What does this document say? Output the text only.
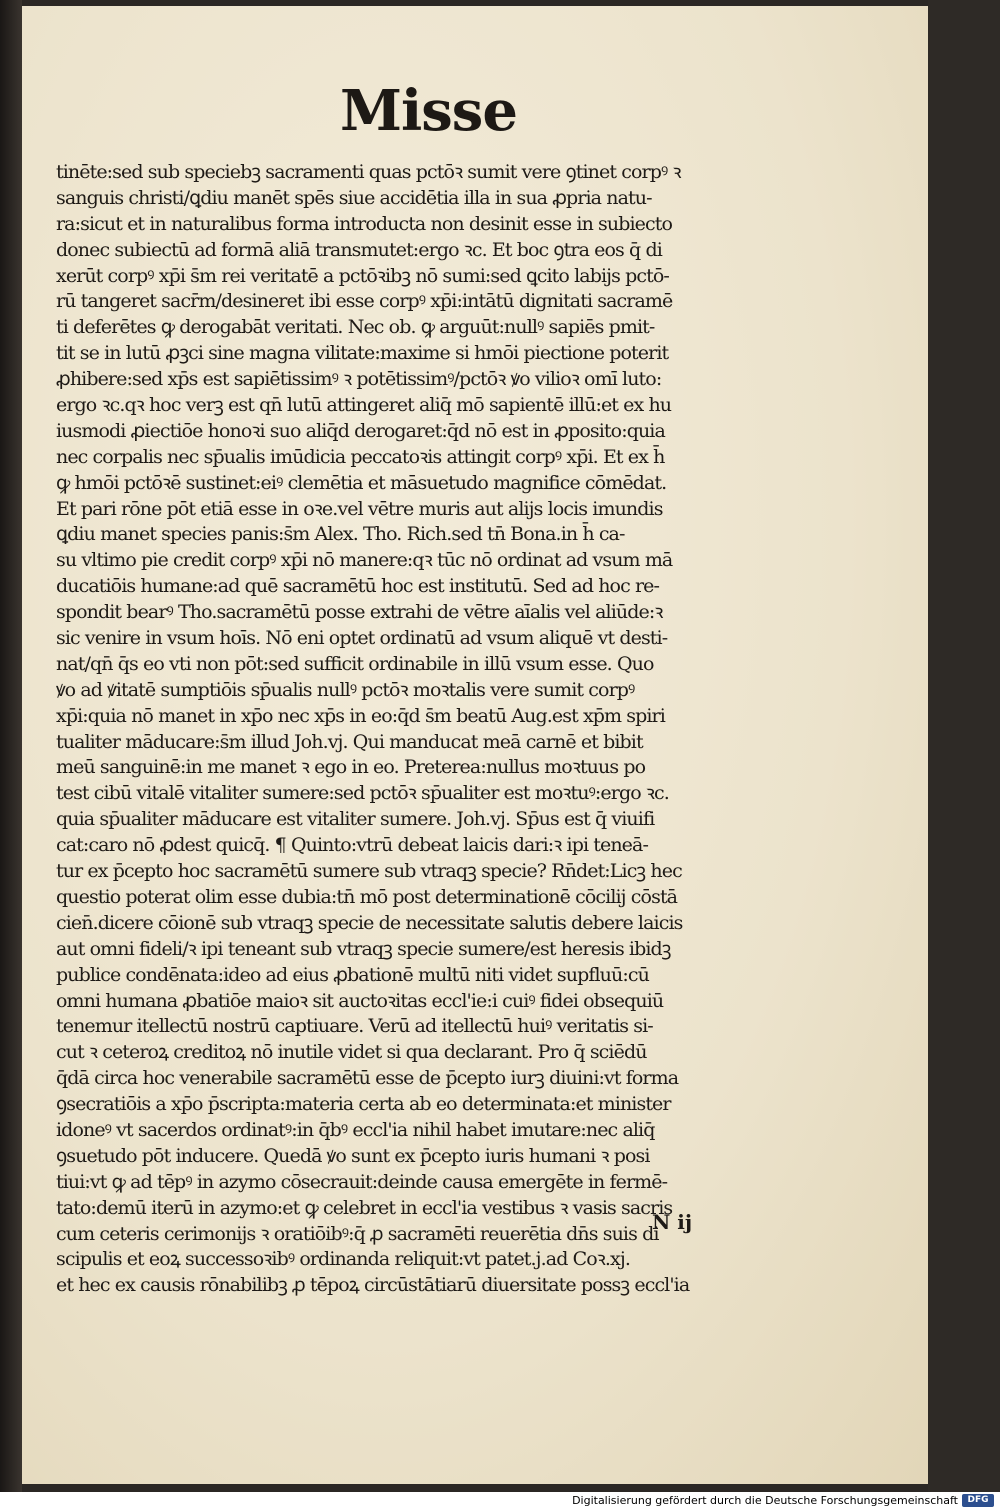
Misse
tinēte:sed sub speciebꝫ sacramenti quas pctōꝛ sumit vere ꝯtinet corpꝰ ꝛ
sanguis christi/ꝗdiu manēt spēs siue accidētia illa in sua ꝓpria natu-
ra:sicut et in naturalibus forma introducta non desinit esse in subiecto
donec subiectū ad formā aliā transmutet:ergo ꝛc. Et boc ꝯtra eos q̄ di
xerūt corpꝰ xp̄i s̄m rei veritatē a pctōꝛibꝫ nō sumi:sed ꝗcito labijs pctō-
rū tangeret sacr̄m/desineret ibi esse corpꝰ xp̄i:intātū dignitati sacramē
ti deferētes ꝙ derogabāt veritati. Nec ob. ꝙ arguūt:nullꝰ sapiēs pmit-
tit se in lutū ꝓꝫci sine magna vilitate:maxime si hmōi piectione poterit
ꝓhibere:sed xp̄s est sapiētissimꝰ ꝛ potētissimꝰ/pctōꝛ ꝟo vilioꝛ omī luto:
ergo ꝛc.qꝛ hoc verꝫ est qn̄ lutū attingeret aliq̄ mō sapientē illū:et ex hu
iusmodi ꝓiectiōe honoꝛi suo aliq̄d derogaret:q̄d nō est in ꝓposito:quia
nec corpalis nec sp̄ualis imūdicia peccatoꝛis attingit corpꝰ xp̄i. Et ex h̄
ꝙ hmōi pctōꝛē sustinet:eiꝰ clemētia et māsuetudo magnifice cōmēdat.
Et pari rōne pōt etiā esse in oꝛe.vel vētre muris aut alijs locis imundis
ꝗdiu manet species panis:s̄m Alex. Tho. Rich.sed tn̄ Bona.in h̄ ca-
su vltimo pie credit corpꝰ xp̄i nō manere:qꝛ tūc nō ordinat ad vsum mā
ducatiōis humane:ad quē sacramētū hoc est institutū. Sed ad hoc re-
spondit bearꝰ Tho.sacramētū posse extrahi de vētre aīalis vel aliūde:ꝛ
sic venire in vsum hoīs. Nō eni optet ordinatū ad vsum aliquē vt desti-
nat/qn̄ q̄s eo vti non pōt:sed sufficit ordinabile in illū vsum esse. Quo
ꝟo ad ꝟitatē sumptiōis sp̄ualis nullꝰ pctōꝛ moꝛtalis vere sumit corpꝰ
xp̄i:quia nō manet in xp̄o nec xp̄s in eo:q̄d s̄m beatū Aug.est xp̄m spiri
tualiter māducare:s̄m illud Joh.vj. Qui manducat meā carnē et bibit
meū sanguinē:in me manet ꝛ ego in eo. Preterea:nullus moꝛtuus po
test cibū vitalē vitaliter sumere:sed pctōꝛ sp̄ualiter est moꝛtuꝰ:ergo ꝛc.
quia sp̄ualiter māducare est vitaliter sumere. Joh.vj. Sp̄us est q̄ viuifi
cat:caro nō ꝓdest quicq̄. ¶ Quinto:vtrū debeat laicis dari:ꝛ ipi teneā-
tur ex p̄cepto hoc sacramētū sumere sub vtraqꝫ specie? Rn̄det:Licꝫ hec
questio poterat olim esse dubia:tn̄ mō post determinationē cōcilij cōstā
cien̄.dicere cōionē sub vtraqꝫ specie de necessitate salutis debere laicis
aut omni fideli/ꝛ ipi teneant sub vtraqꝫ specie sumere/est heresis ibidꝫ
publice condēnata:ideo ad eius ꝓbationē multū niti videt supfluū:cū
omni humana ꝓbatiōe maioꝛ sit auctoꝛitas eccl'ie:i cuiꝰ fidei obsequiū
tenemur itellectū nostrū captiuare. Verū ad itellectū huiꝰ veritatis si-
cut ꝛ ceteroꝝ creditoꝝ nō inutile videt si qua declarant. Pro q̄ sciēdū
q̄dā circa hoc venerabile sacramētū esse de p̄cepto iurꝫ diuini:vt forma
ꝯsecratiōis a xp̄o p̄scripta:materia certa ab eo determinata:et minister
idoneꝰ vt sacerdos ordinatꝰ:in q̄bꝰ eccl'ia nihil habet imutare:nec aliq̄
ꝯsuetudo pōt inducere. Quedā ꝟo sunt ex p̄cepto iuris humani ꝛ posi
tiui:vt ꝙ ad tēpꝰ in azymo cōsecrauit:deinde causa emergēte in fermē-
tato:demū iterū in azymo:et ꝙ celebret in eccl'ia vestibus ꝛ vasis sacris
cum ceteris cerimonijs ꝛ oratiōibꝰ:q̄ ꝓ sacramēti reuerētia dn̄s suis di
scipulis et eoꝝ successoꝛibꝰ ordinanda reliquit:vt patet.j.ad Coꝛ.xj.
et hec ex causis rōnabilibꝫ ꝓ tēpoꝝ circūstātiarū diuersitate possꝫ eccl'ia
N ij
Digitalisierung gefördert durch die Deutsche Forschungsgemeinschaft	DFG
